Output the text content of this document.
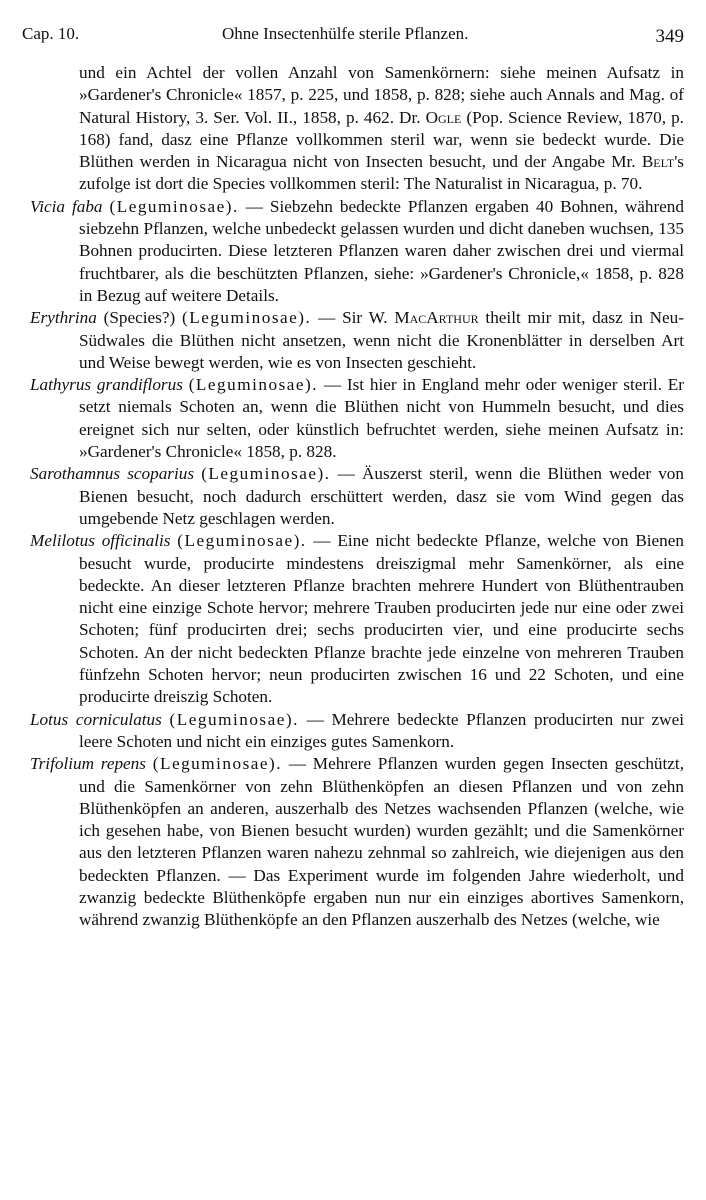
Cap. 10.	Ohne Insectenhülfe sterile Pflanzen.	349

und ein Achtel der vollen Anzahl von Samenkörnern: siehe meinen Aufsatz in »Gardener's Chronicle« 1857, p. 225, und 1858, p. 828; siehe auch Annals and Mag. of Natural History, 3. Ser. Vol. II., 1858, p. 462. Dr. Ogle (Pop. Science Review, 1870, p. 168) fand, dasz eine Pflanze vollkommen steril war, wenn sie bedeckt wurde. Die Blüthen werden in Nicaragua nicht von Insecten besucht, und der Angabe Mr. Belt's zufolge ist dort die Species vollkommen steril: The Naturalist in Nicaragua, p. 70.

Vicia faba (Leguminosae). — Siebzehn bedeckte Pflanzen ergaben 40 Bohnen, während siebzehn Pflanzen, welche unbedeckt gelassen wurden und dicht daneben wuchsen, 135 Bohnen producirten. Diese letzteren Pflanzen waren daher zwischen drei und viermal fruchtbarer, als die beschützten Pflanzen, siehe: »Gardener's Chronicle,« 1858, p. 828 in Bezug auf weitere Details.

Erythrina (Species?) (Leguminosae). — Sir W. MacArthur theilt mir mit, dasz in Neu-Südwales die Blüthen nicht ansetzen, wenn nicht die Kronenblätter in derselben Art und Weise bewegt werden, wie es von Insecten geschieht.

Lathyrus grandiflorus (Leguminosae). — Ist hier in England mehr oder weniger steril. Er setzt niemals Schoten an, wenn die Blüthen nicht von Hummeln besucht, und dies ereignet sich nur selten, oder künstlich befruchtet werden, siehe meinen Aufsatz in: »Gardener's Chronicle« 1858, p. 828.

Sarothamnus scoparius (Leguminosae). — Äuszerst steril, wenn die Blüthen weder von Bienen besucht, noch dadurch erschüttert werden, dasz sie vom Wind gegen das umgebende Netz geschlagen werden.

Melilotus officinalis (Leguminosae). — Eine nicht bedeckte Pflanze, welche von Bienen besucht wurde, producirte mindestens dreiszigmal mehr Samenkörner, als eine bedeckte. An dieser letzteren Pflanze brachten mehrere Hundert von Blüthentrauben nicht eine einzige Schote hervor; mehrere Trauben producirten jede nur eine oder zwei Schoten; fünf producirten drei; sechs producirten vier, und eine producirte sechs Schoten. An der nicht bedeckten Pflanze brachte jede einzelne von mehreren Trauben fünfzehn Schoten hervor; neun producirten zwischen 16 und 22 Schoten, und eine producirte dreiszig Schoten.

Lotus corniculatus (Leguminosae). — Mehrere bedeckte Pflanzen producirten nur zwei leere Schoten und nicht ein einziges gutes Samenkorn.

Trifolium repens (Leguminosae). — Mehrere Pflanzen wurden gegen Insecten geschützt, und die Samenkörner von zehn Blüthenköpfen an diesen Pflanzen und von zehn Blüthenköpfen an anderen, auszerhalb des Netzes wachsenden Pflanzen (welche, wie ich gesehen habe, von Bienen besucht wurden) wurden gezählt; und die Samenkörner aus den letzteren Pflanzen waren nahezu zehnmal so zahlreich, wie diejenigen aus den bedeckten Pflanzen. — Das Experiment wurde im folgenden Jahre wiederholt, und zwanzig bedeckte Blüthenköpfe ergaben nun nur ein einziges abortives Samenkorn, während zwanzig Blüthenköpfe an den Pflanzen auszerhalb des Netzes (welche, wie
